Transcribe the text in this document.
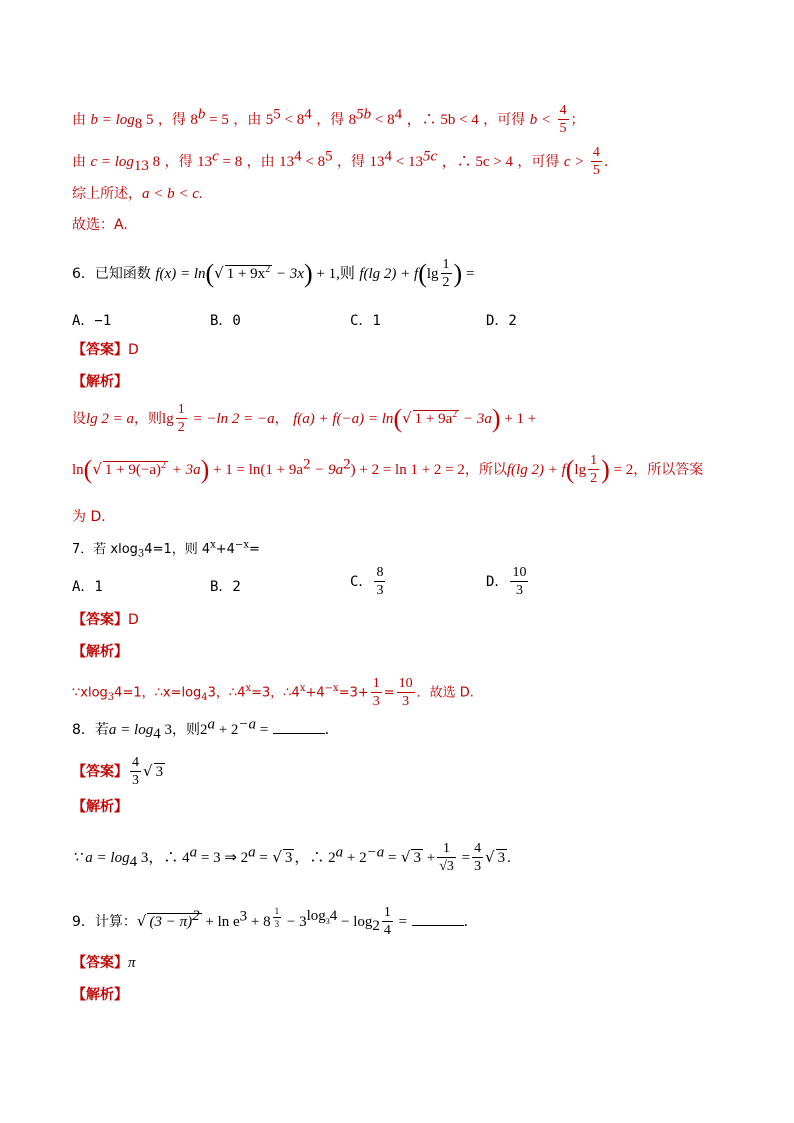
由 $b = \log_8 5$ ，得 $8^b = 5$ ，由 $5^5 < 8^4$ ，得 $8^{5b} < 8^4$ ，∴ 5b < 4 ，可得 $b < \frac{4}{5}$ ；
由 $c = \log_{13} 8$ ，得 $13^c = 8$ ，由 $13^4 < 8^5$ ，得 $13^4 < 13^{5c}$ ，∴ 5c > 4 ，可得 $c > \frac{4}{5}$ .
综上所述，a < b < c.
故选：A.
6．已知函数 f(x) = ln(√ $1 + 9x^2 - 3x) + 1$,则 f(lg $2) + f(\lg \frac{1}{2}$ ) =
A．−1	B．0	C．1	D．2
【答案】D
【解析】
设lg 2 = a，则$\lg \frac{1}{2} = -\ln$ 2 = −a， f(a) + f(−a) = ln(√ $1 + 9a^2 - 3a) + 1$ +
ln(√ $1 + 9(-a)^2 + 3a) + 1 = \ln(1 + 9a^2 - 9a^2) + 2 = \ln 1 + 2 = 2$，所以f(lg $2) + f(\lg \frac{1}{2}$ ) = 2，所以答案
为 D.
7．若 xlog$_3$4=1，则 $4^x+4^{-x}=$
A．1	B．2	C． $\frac{8}{3}$	D． $\frac{10}{3}$
【答案】D
【解析】
∵xlog$_3$4=1，$\therefore x=\log_43$，$\therefore 4^x=3$，$\therefore 4^x+4^{-x}=3+ \frac{1}{3} = \frac{10}{3}$ ．故选 D.
8．若$a = \log_4 3$，则$2^a + 2^{-a}$ =	．
【答案】 $\frac{4}{3}$ √ 3
【解析】
∵ $a = \log_4 3$，∴ $4^a = 3$ ⇒ $2^a$ = √ 3 ，∴ $2^a + 2^{-a}$ = √ $3 + \frac{1}{√3} = \frac{4}{3}$ √ 3 .
9．计算：√ $(3 - \pi)^2 + \ln e^3 + 8$ $^{\frac{1}{3}} - 3^{log_34} - \log_2 \frac{1}{4}$ =	．
【答案】π
【解析】
